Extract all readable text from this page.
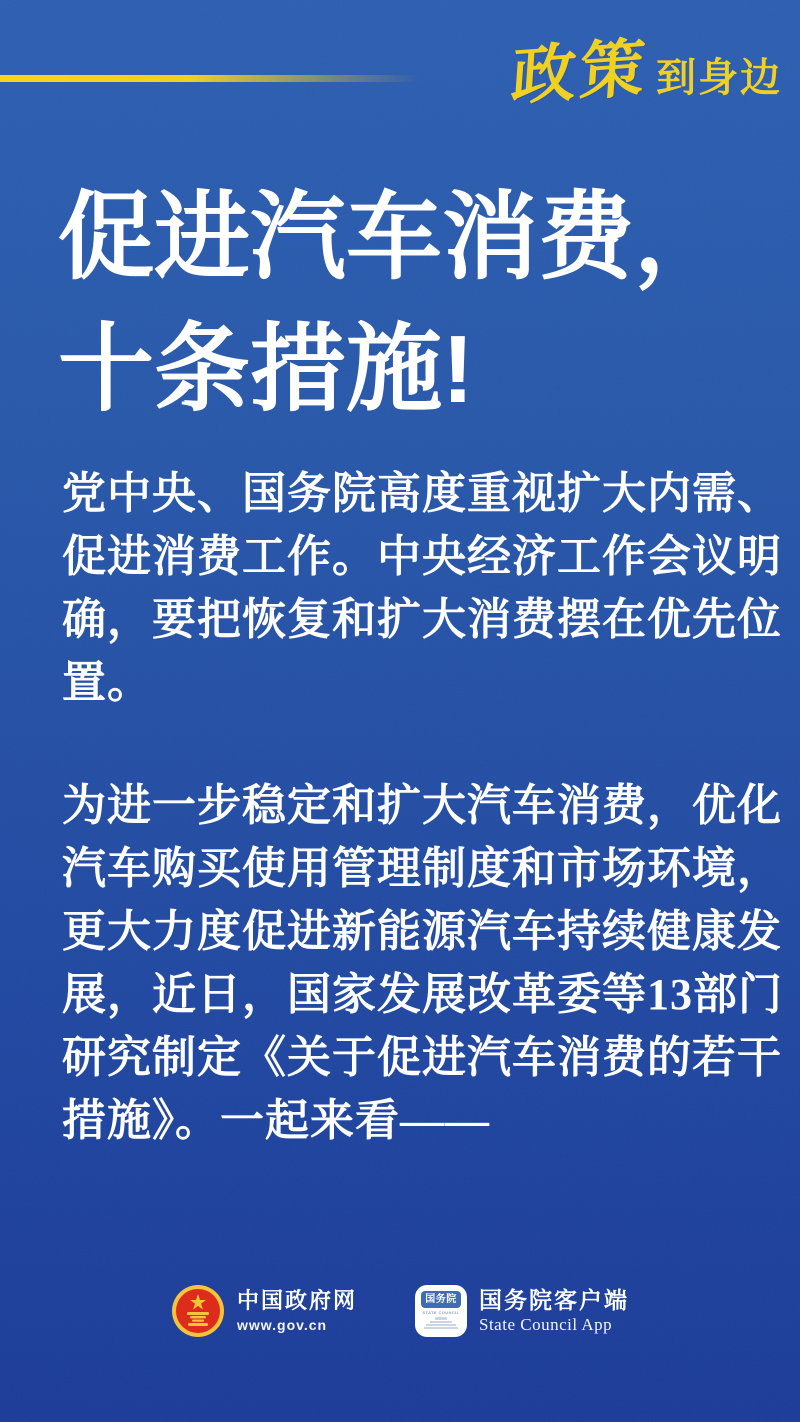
政策 到身边
促进汽车消费，
十条措施!
党中央、国务院高度重视扩大内需、
促进消费工作。中央经济工作会议明
确，要把恢复和扩大消费摆在优先位
置。
为进一步稳定和扩大汽车消费，优化
汽车购买使用管理制度和市场环境，
更大力度促进新能源汽车持续健康发
展，近日，国家发展改革委等13部门
研究制定《关于促进汽车消费的若干
措施》。一起来看——
中国政府网
www.gov.cn
国务院
STATE COUNCIL 国务院客户端
State Council App
